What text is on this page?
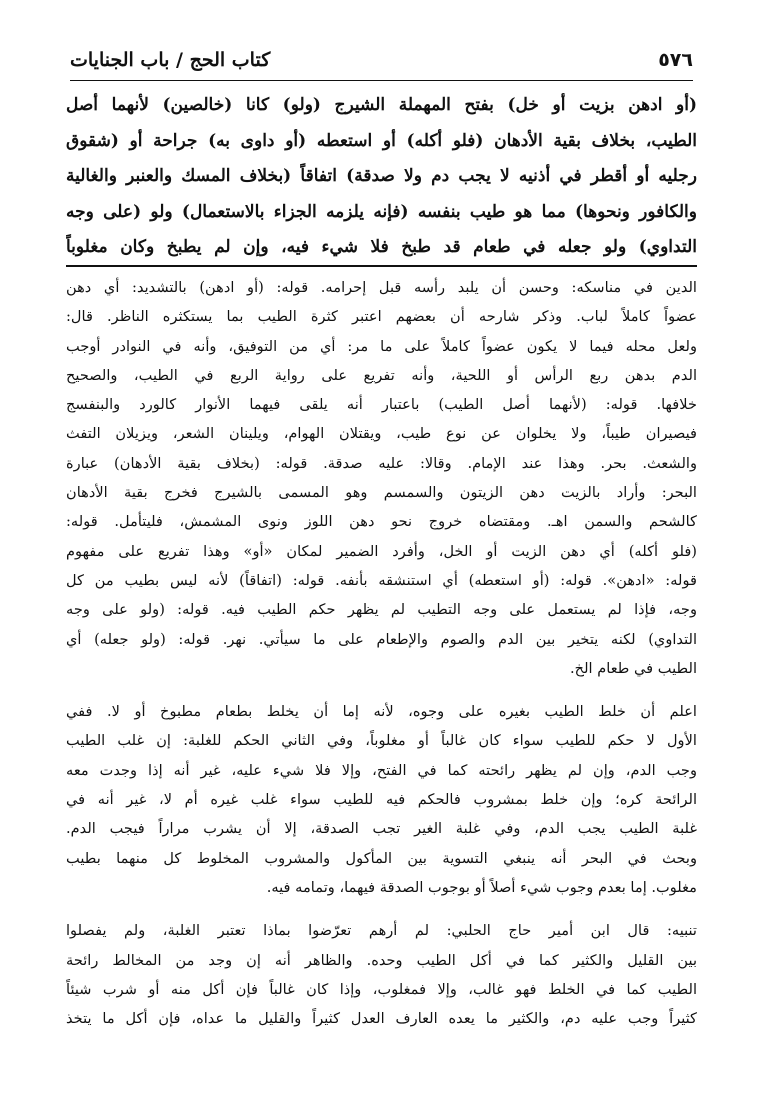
كتاب الحج / باب الجنايات	٥٧٦
(أو ادهن بزيت أو خل) بفتح المهملة الشيرج (ولو) كانا (خالصين) لأنهما أصل
الطيب، بخلاف بقية الأدهان (فلو أكله) أو استعطه (أو داوى به) جراحة أو (شقوق
رجليه أو أقطر في أذنيه لا يجب دم ولا صدقة) اتفاقاً (بخلاف المسك والعنبر والغالية
والكافور ونحوها) مما هو طيب بنفسه (فإنه يلزمه الجزاء بالاستعمال) ولو (على وجه
التداوي) ولو جعله في طعام قد طبخ فلا شيء فيه، وإن لم يطبخ وكان مغلوباً
الدين في مناسكه: وحسن أن يلبد رأسه قبل إحرامه. قوله: (أو ادهن) بالتشديد: أي دهن
عضواً كاملاً لباب. وذكر شارحه أن بعضهم اعتبر كثرة الطيب بما يستكثره الناظر. قال:
ولعل محله فيما لا يكون عضواً كاملاً على ما مر: أي من التوفيق، وأنه في النوادر أوجب
الدم بدهن ربع الرأس أو اللحية، وأنه تفريع على رواية الربع في الطيب، والصحيح
خلافها. قوله: (لأنهما أصل الطيب) باعتبار أنه يلقى فيهما الأنوار كالورد والبنفسج
فيصيران طيباً، ولا يخلوان عن نوع طيب، ويقتلان الهوام، ويلينان الشعر، ويزيلان التفث
والشعث. بحر. وهذا عند الإمام. وقالا: عليه صدقة. قوله: (بخلاف بقية الأدهان) عبارة
البحر: وأراد بالزيت دهن الزيتون والسمسم وهو المسمى بالشيرج فخرج بقية الأدهان
كالشحم والسمن اهـ. ومقتضاه خروج نحو دهن اللوز ونوى المشمش، فليتأمل. قوله:
(فلو أكله) أي دهن الزيت أو الخل، وأفرد الضمير لمكان «أو» وهذا تفريع على مفهوم
قوله: «ادهن». قوله: (أو استعطه) أي استنشقه بأنفه. قوله: (اتفاقاً) لأنه ليس بطيب من كل
وجه، فإذا لم يستعمل على وجه التطيب لم يظهر حكم الطيب فيه. قوله: (ولو على وجه
التداوي) لكنه يتخير بين الدم والصوم والإطعام على ما سيأتي. نهر. قوله: (ولو جعله) أي
الطيب في طعام الخ.
اعلم أن خلط الطيب بغيره على وجوه، لأنه إما أن يخلط بطعام مطبوخ أو لا. ففي
الأول لا حكم للطيب سواء كان غالباً أو مغلوباً، وفي الثاني الحكم للغلبة: إن غلب الطيب
وجب الدم، وإن لم يظهر رائحته كما في الفتح، وإلا فلا شيء عليه، غير أنه إذا وجدت معه
الرائحة كره؛ وإن خلط بمشروب فالحكم فيه للطيب سواء غلب غيره أم لا، غير أنه في
غلبة الطيب يجب الدم، وفي غلبة الغير تجب الصدقة، إلا أن يشرب مراراً فيجب الدم.
وبحث في البحر أنه ينبغي التسوية بين المأكول والمشروب المخلوط كل منهما بطيب
مغلوب. إما بعدم وجوب شيء أصلاً أو بوجوب الصدقة فيهما، وتمامه فيه.
تنبيه: قال ابن أمير حاج الحلبي: لم أرهم تعرّضوا بماذا تعتبر الغلبة، ولم يفصلوا
بين القليل والكثير كما في أكل الطيب وحده. والظاهر أنه إن وجد من المخالط رائحة
الطيب كما في الخلط فهو غالب، وإلا فمغلوب، وإذا كان غالباً فإن أكل منه أو شرب شيئاً
كثيراً وجب عليه دم، والكثير ما يعده العارف العدل كثيراً والقليل ما عداه، فإن أكل ما يتخذ
